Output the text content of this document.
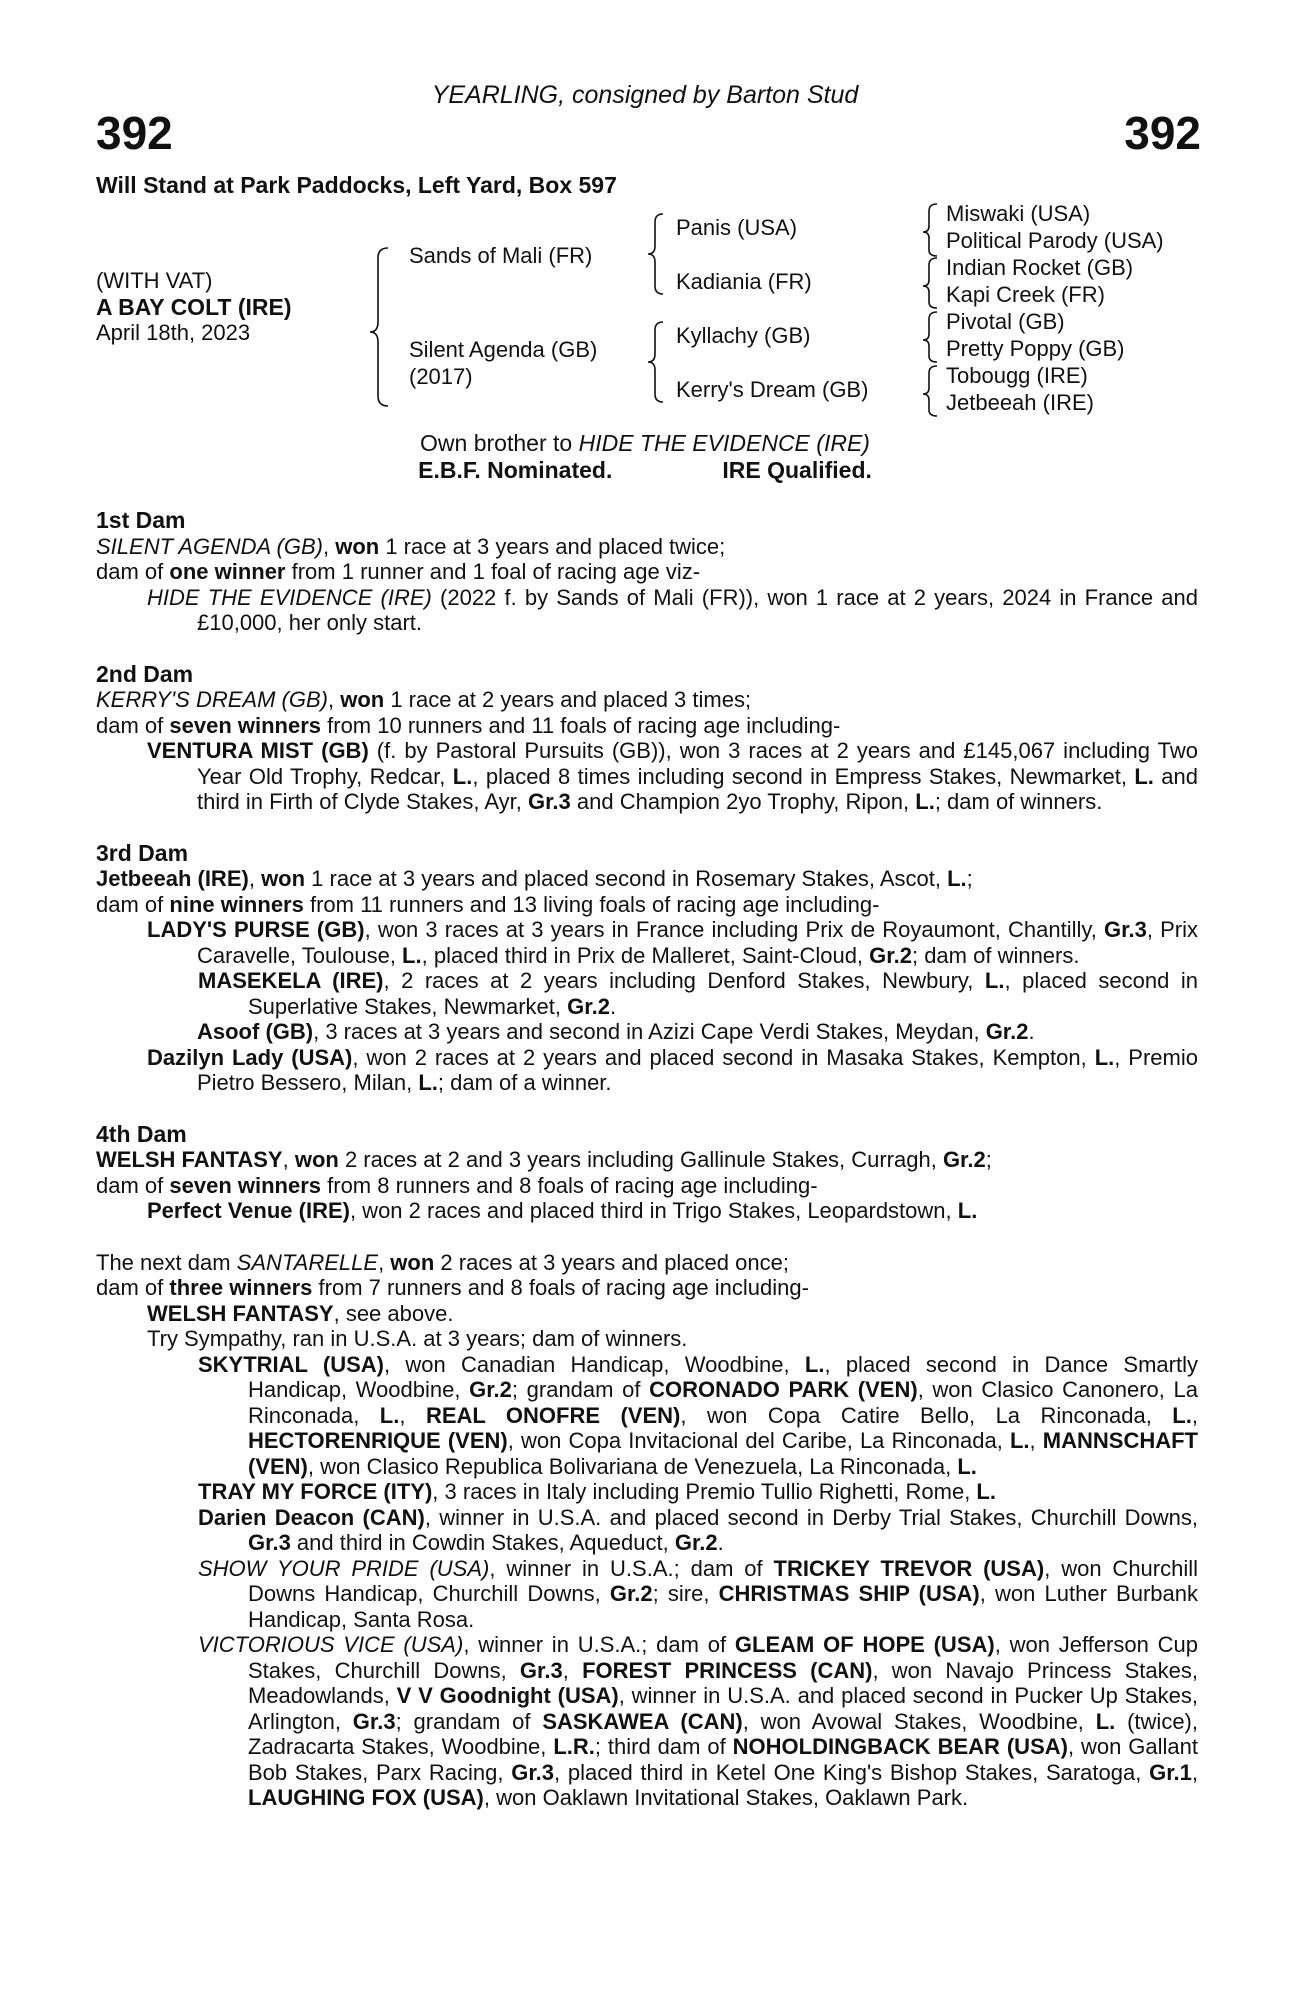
YEARLING, consigned by Barton Stud
392	392
Will Stand at Park Paddocks, Left Yard, Box 597
(WITH VAT)
A BAY COLT (IRE)
April 18th, 2023
Sands of Mali (FR)
Silent Agenda (GB)
(2017)
Panis (USA)
Kadiania (FR)
Kyllachy (GB)
Kerry's Dream (GB)
Miswaki (USA)
Political Parody (USA)
Indian Rocket (GB)
Kapi Creek (FR)
Pivotal (GB)
Pretty Poppy (GB)
Tobougg (IRE)
Jetbeeah (IRE)
Own brother to HIDE THE EVIDENCE (IRE)
E.B.F. Nominated.	IRE Qualified.
1st Dam
SILENT AGENDA (GB), won 1 race at 3 years and placed twice;
dam of one winner from 1 runner and 1 foal of racing age viz-
HIDE THE EVIDENCE (IRE) (2022 f. by Sands of Mali (FR)), won 1 race at 2 years, 2024 in France and £10,000, her only start.
2nd Dam
KERRY'S DREAM (GB), won 1 race at 2 years and placed 3 times;
dam of seven winners from 10 runners and 11 foals of racing age including-
VENTURA MIST (GB) (f. by Pastoral Pursuits (GB)), won 3 races at 2 years and £145,067 including Two Year Old Trophy, Redcar, L., placed 8 times including second in Empress Stakes, Newmarket, L. and third in Firth of Clyde Stakes, Ayr, Gr.3 and Champion 2yo Trophy, Ripon, L.; dam of winners.
3rd Dam
Jetbeeah (IRE), won 1 race at 3 years and placed second in Rosemary Stakes, Ascot, L.;
dam of nine winners from 11 runners and 13 living foals of racing age including-
LADY'S PURSE (GB), won 3 races at 3 years in France including Prix de Royaumont, Chantilly, Gr.3, Prix Caravelle, Toulouse, L., placed third in Prix de Malleret, Saint-Cloud, Gr.2; dam of winners.
MASEKELA (IRE), 2 races at 2 years including Denford Stakes, Newbury, L., placed second in Superlative Stakes, Newmarket, Gr.2.
Asoof (GB), 3 races at 3 years and second in Azizi Cape Verdi Stakes, Meydan, Gr.2.
Dazilyn Lady (USA), won 2 races at 2 years and placed second in Masaka Stakes, Kempton, L., Premio Pietro Bessero, Milan, L.; dam of a winner.
4th Dam
WELSH FANTASY, won 2 races at 2 and 3 years including Gallinule Stakes, Curragh, Gr.2;
dam of seven winners from 8 runners and 8 foals of racing age including-
Perfect Venue (IRE), won 2 races and placed third in Trigo Stakes, Leopardstown, L.
The next dam SANTARELLE, won 2 races at 3 years and placed once;
dam of three winners from 7 runners and 8 foals of racing age including-
WELSH FANTASY, see above.
Try Sympathy, ran in U.S.A. at 3 years; dam of winners.
SKYTRIAL (USA), won Canadian Handicap, Woodbine, L., placed second in Dance Smartly Handicap, Woodbine, Gr.2; grandam of CORONADO PARK (VEN), won Clasico Canonero, La Rinconada, L., REAL ONOFRE (VEN), won Copa Catire Bello, La Rinconada, L., HECTORENRIQUE (VEN), won Copa Invitacional del Caribe, La Rinconada, L., MANNSCHAFT (VEN), won Clasico Republica Bolivariana de Venezuela, La Rinconada, L.
TRAY MY FORCE (ITY), 3 races in Italy including Premio Tullio Righetti, Rome, L.
Darien Deacon (CAN), winner in U.S.A. and placed second in Derby Trial Stakes, Churchill Downs, Gr.3 and third in Cowdin Stakes, Aqueduct, Gr.2.
SHOW YOUR PRIDE (USA), winner in U.S.A.; dam of TRICKEY TREVOR (USA), won Churchill Downs Handicap, Churchill Downs, Gr.2; sire, CHRISTMAS SHIP (USA), won Luther Burbank Handicap, Santa Rosa.
VICTORIOUS VICE (USA), winner in U.S.A.; dam of GLEAM OF HOPE (USA), won Jefferson Cup Stakes, Churchill Downs, Gr.3, FOREST PRINCESS (CAN), won Navajo Princess Stakes, Meadowlands, V V Goodnight (USA), winner in U.S.A. and placed second in Pucker Up Stakes, Arlington, Gr.3; grandam of SASKAWEA (CAN), won Avowal Stakes, Woodbine, L. (twice), Zadracarta Stakes, Woodbine, L.R.; third dam of NOHOLDINGBACK BEAR (USA), won Gallant Bob Stakes, Parx Racing, Gr.3, placed third in Ketel One King's Bishop Stakes, Saratoga, Gr.1, LAUGHING FOX (USA), won Oaklawn Invitational Stakes, Oaklawn Park.
